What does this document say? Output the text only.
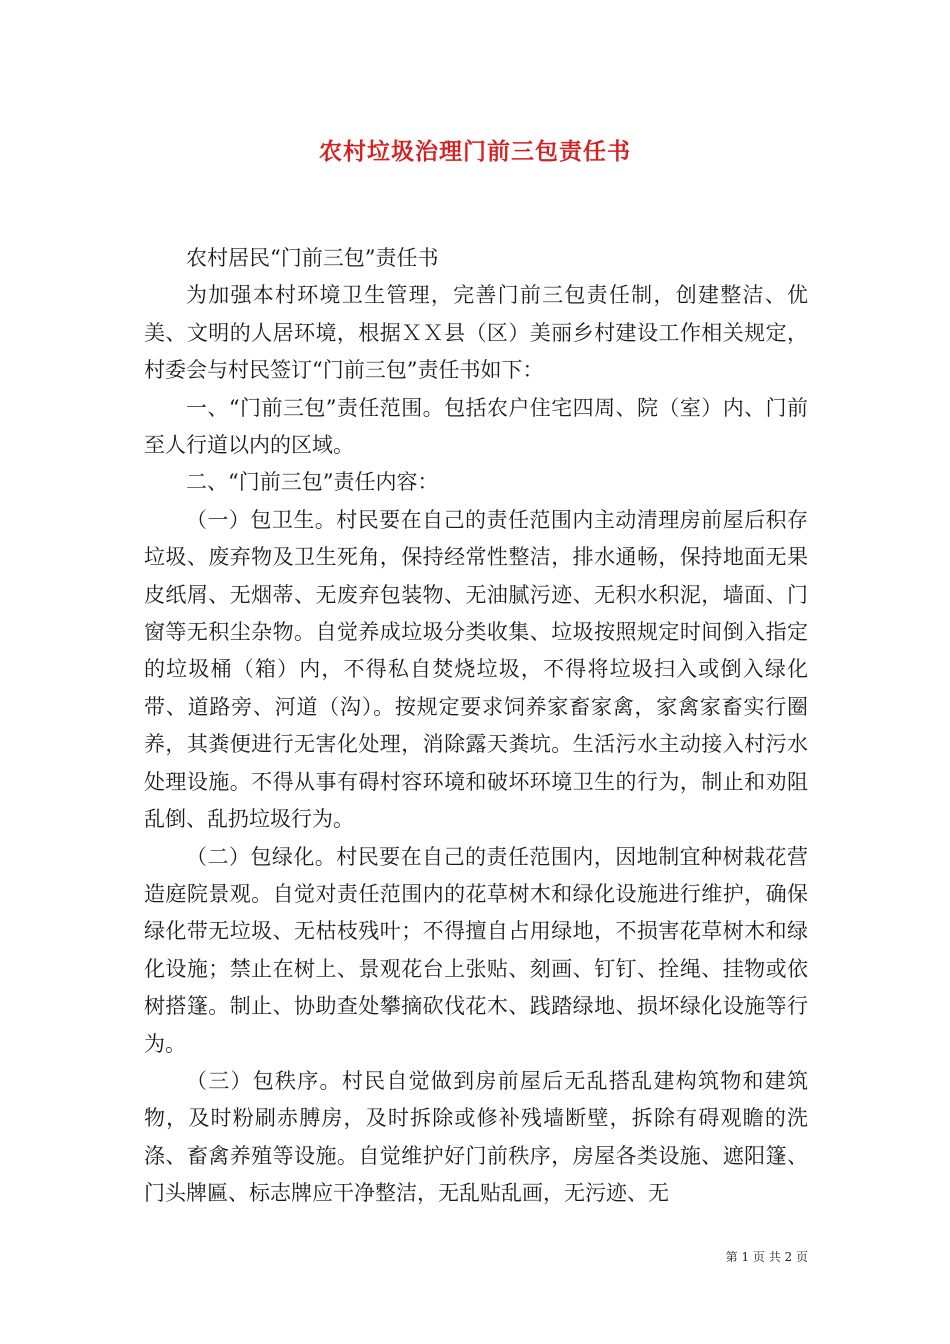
农村垃圾治理门前三包责任书

农村居民“门前三包”责任书

为加强本村环境卫生管理，完善门前三包责任制，创建整洁、优美、文明的人居环境，根据ＸＸ县（区）美丽乡村建设工作相关规定，村委会与村民签订“门前三包”责任书如下：

一、“门前三包”责任范围。包括农户住宅四周、院（室）内、门前至人行道以内的区域。

二、“门前三包”责任内容：

（一）包卫生。村民要在自己的责任范围内主动清理房前屋后积存垃圾、废弃物及卫生死角，保持经常性整洁，排水通畅，保持地面无果皮纸屑、无烟蒂、无废弃包装物、无油腻污迹、无积水积泥，墙面、门窗等无积尘杂物。自觉养成垃圾分类收集、垃圾按照规定时间倒入指定的垃圾桶（箱）内，不得私自焚烧垃圾，不得将垃圾扫入或倒入绿化带、道路旁、河道（沟）。按规定要求饲养家畜家禽，家禽家畜实行圈养，其粪便进行无害化处理，消除露天粪坑。生活污水主动接入村污水处理设施。不得从事有碍村容环境和破坏环境卫生的行为，制止和劝阻乱倒、乱扔垃圾行为。

（二）包绿化。村民要在自己的责任范围内，因地制宜种树栽花营造庭院景观。自觉对责任范围内的花草树木和绿化设施进行维护，确保绿化带无垃圾、无枯枝残叶；不得擅自占用绿地，不损害花草树木和绿化设施；禁止在树上、景观花台上张贴、刻画、钉钉、拴绳、挂物或依树搭篷。制止、协助查处攀摘砍伐花木、践踏绿地、损坏绿化设施等行为。

（三）包秩序。村民自觉做到房前屋后无乱搭乱建构筑物和建筑物，及时粉刷赤膊房，及时拆除或修补残墙断壁，拆除有碍观瞻的洗涤、畜禽养殖等设施。自觉维护好门前秩序，房屋各类设施、遮阳篷、门头牌匾、标志牌应干净整洁，无乱贴乱画，无污迹、无

第 1 页 共 2 页
